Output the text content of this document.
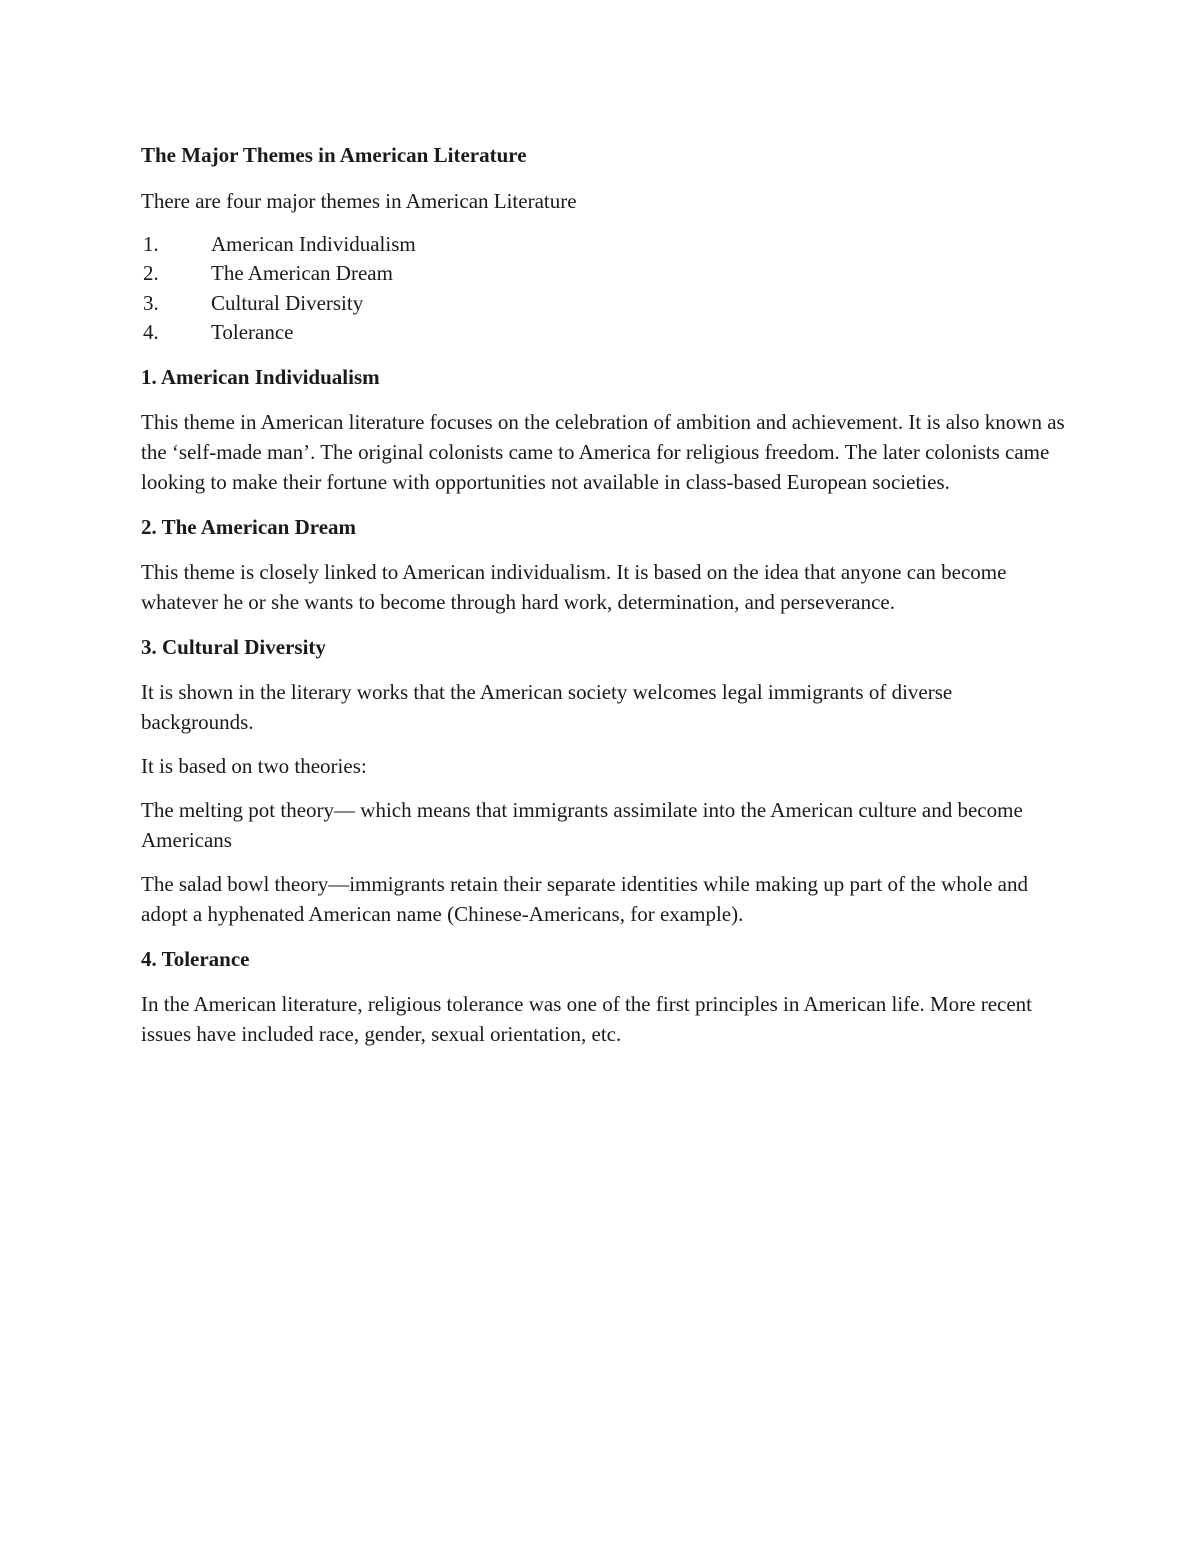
The Major Themes in American Literature

There are four major themes in American Literature

1.	American Individualism
2.	The American Dream
3.	Cultural Diversity
4.	Tolerance
1. American Individualism

This theme in American literature focuses on the celebration of ambition and achievement. It is also known as the ‘self-made man’. The original colonists came to America for religious freedom. The later colonists came looking to make their fortune with opportunities not available in class-based European societies.

2. The American Dream

This theme is closely linked to American individualism. It is based on the idea that anyone can become whatever he or she wants to become through hard work, determination, and perseverance.

3. Cultural Diversity

It is shown in the literary works that the American society welcomes legal immigrants of diverse backgrounds.

It is based on two theories:

The melting pot theory— which means that immigrants assimilate into the American culture and become Americans

The salad bowl theory—immigrants retain their separate identities while making up part of the whole and adopt a hyphenated American name (Chinese-Americans, for example).

4. Tolerance

In the American literature, religious tolerance was one of the first principles in American life. More recent issues have included race, gender, sexual orientation, etc.
